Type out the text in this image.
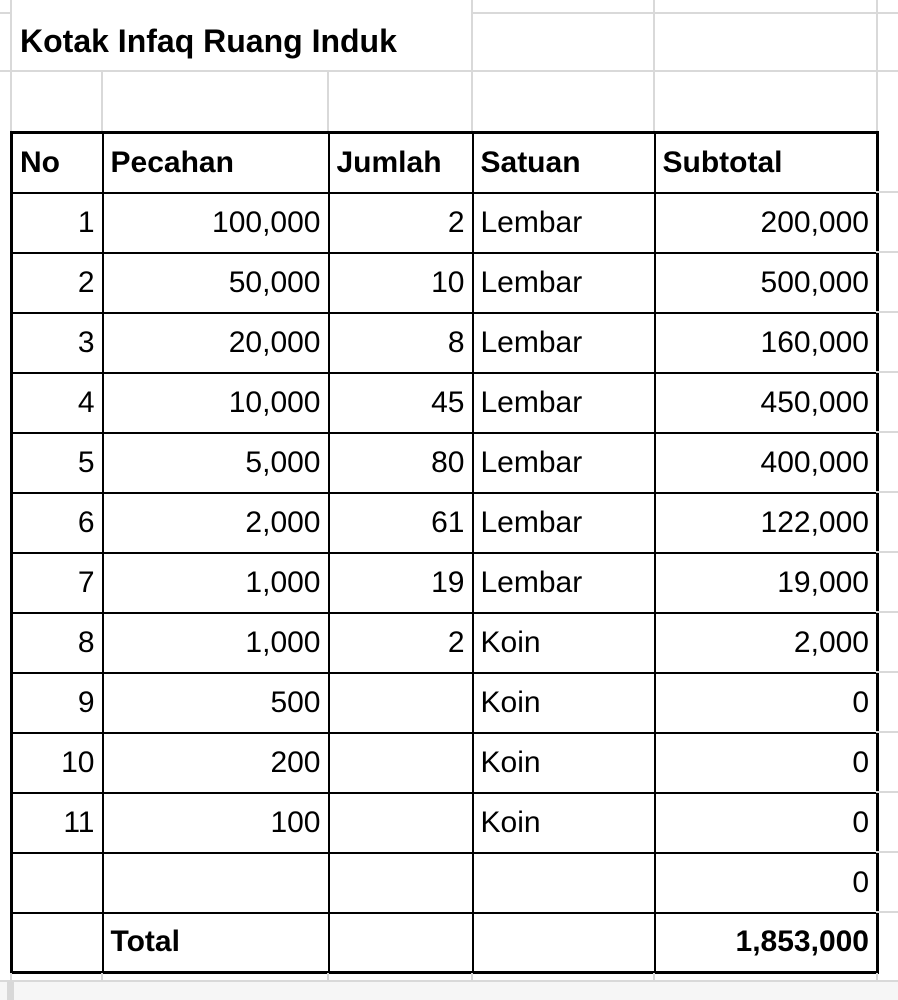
Kotak Infaq Ruang Induk
No	Pecahan	Jumlah	Satuan	Subtotal
1	100,000	2	Lembar	200,000
2	50,000	10	Lembar	500,000
3	20,000	8	Lembar	160,000
4	10,000	45	Lembar	450,000
5	5,000	80	Lembar	400,000
6	2,000	61	Lembar	122,000
7	1,000	19	Lembar	19,000
8	1,000	2	Koin	2,000
9	500		Koin	0
10	200		Koin	0
11	100		Koin	0
				0
	Total			1,853,000
